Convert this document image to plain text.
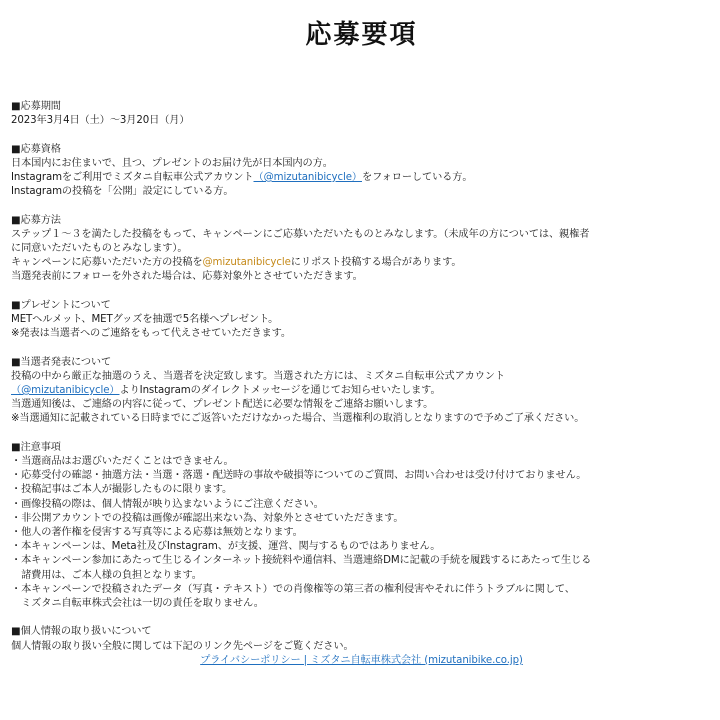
応募要項
■応募期間
2023年3月4日（土）～3月20日（月）
■応募資格
日本国内にお住まいで、且つ、プレゼントのお届け先が日本国内の方。
Instagramをご利用でミズタニ自転車公式アカウント（@mizutanibicycle）をフォローしている方。
Instagramの投稿を「公開」設定にしている方。
■応募方法
ステップ１～３を満たした投稿をもって、キャンペーンにご応募いただいたものとみなします。（未成年の方については、親権者
に同意いただいたものとみなします）。
キャンペーンに応募いただいた方の投稿を@mizutanibicycleにリポスト投稿する場合があります。
当選発表前にフォローを外された場合は、応募対象外とさせていただきます。
■プレゼントについて
METヘルメット、METグッズを抽選で5名様へプレゼント。
※発表は当選者へのご連絡をもって代えさせていただきます。
■当選者発表について
投稿の中から厳正な抽選のうえ、当選者を決定致します。当選された方には、ミズタニ自転車公式アカウント
（@mizutanibicycle）よりInstagramのダイレクトメッセージを通じてお知らせいたします。
当選通知後は、ご連絡の内容に従って、プレゼント配送に必要な情報をご連絡お願いします。
※当選通知に記載されている日時までにご返答いただけなかった場合、当選権利の取消しとなりますので予めご了承ください。
■注意事項
・当選商品はお選びいただくことはできません。
・応募受付の確認・抽選方法・当選・落選・配送時の事故や破損等についてのご質問、お問い合わせは受け付けておりません。
・投稿記事はご本人が撮影したものに限ります。
・画像投稿の際は、個人情報が映り込まないようにご注意ください。
・非公開アカウントでの投稿は画像が確認出来ない為、対象外とさせていただきます。
・他人の著作権を侵害する写真等による応募は無効となります。
・本キャンペーンは、Meta社及びInstagram、が支援、運営、関与するものではありません。
・本キャンペーン参加にあたって生じるインターネット接続料や通信料、当選連絡DMに記載の手続を履践するにあたって生じる
　諸費用は、ご本人様の負担となります。
・本キャンペーンで投稿されたデータ（写真・テキスト）での肖像権等の第三者の権利侵害やそれに伴うトラブルに関して、
　ミズタニ自転車株式会社は一切の責任を取りません。
■個人情報の取り扱いについて
個人情報の取り扱い全般に関しては下記のリンク先ページをご覧ください。
プライバシーポリシー | ミズタニ自転車株式会社 (mizutanibike.co.jp)
